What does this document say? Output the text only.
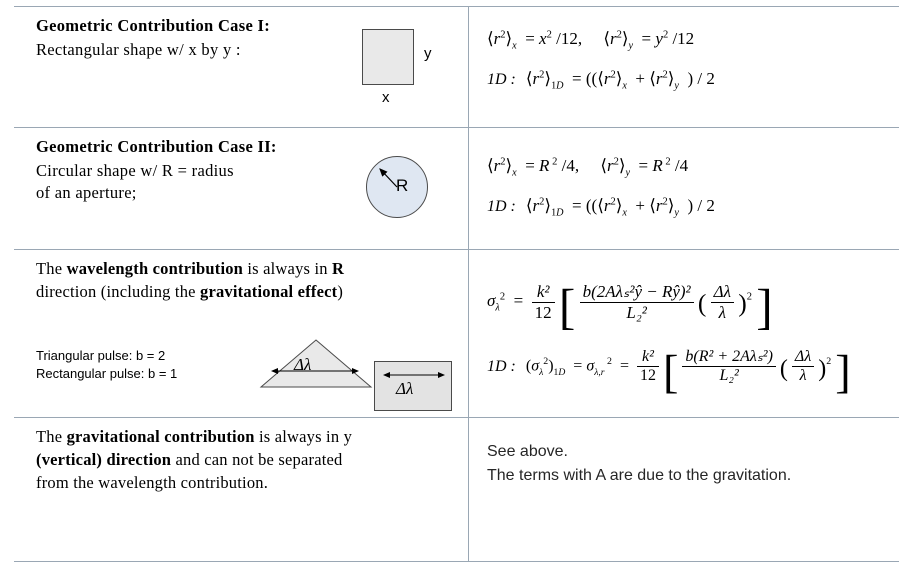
Geometric Contribution Case I:
Rectangular shape w/ x by y :	y
x
$⟨r^2⟩_x = x^2$ /12,     $⟨r^2⟩_y = y^2$ /12
1D : $⟨r^2⟩_{1D}$  = (($⟨r^2⟩_x$  + $⟨r^2⟩_y$  ) / 2
Geometric Contribution Case II:
Circular shape w/ R = radius
of an aperture;	R
$⟨r^2⟩_x = R$ $^2$ /4,     $⟨r^2⟩_y = R$ $^2$ /4
1D : $⟨r^2⟩_{1D}$  = (($⟨r^2⟩_x$  + $⟨r^2⟩_y$  ) / 2
The wavelength contribution is always in R
direction (including the gravitational effect)
Triangular pulse: b = 2
Rectangular pulse: b = 1	Δλ
Δλ
$\sigma_\lambda^2 = \frac{\text{k²}}{12}$ [ $\frac{\text{b(2Aλₛ²ŷ − Rŷ)²}}{\text{L₂²}}$ ( $\frac{\Delta\lambda}{\lambda} )^2$ ]
1D : $(\sigma_\lambda^2)_{1D} = \sigma_{\lambda,r}$ $^2 = \frac{\text{k²}}{12}$ [ $\frac{\text{b(R² + 2Aλₛ²)}}{\text{L₂²}}$ ( $\frac{\Delta\lambda}{\lambda} )^2$ ]
The gravitational contribution is always in y
(vertical) direction and can not be separated
from the wavelength contribution.
See above.
The terms with A are due to the gravitation.
